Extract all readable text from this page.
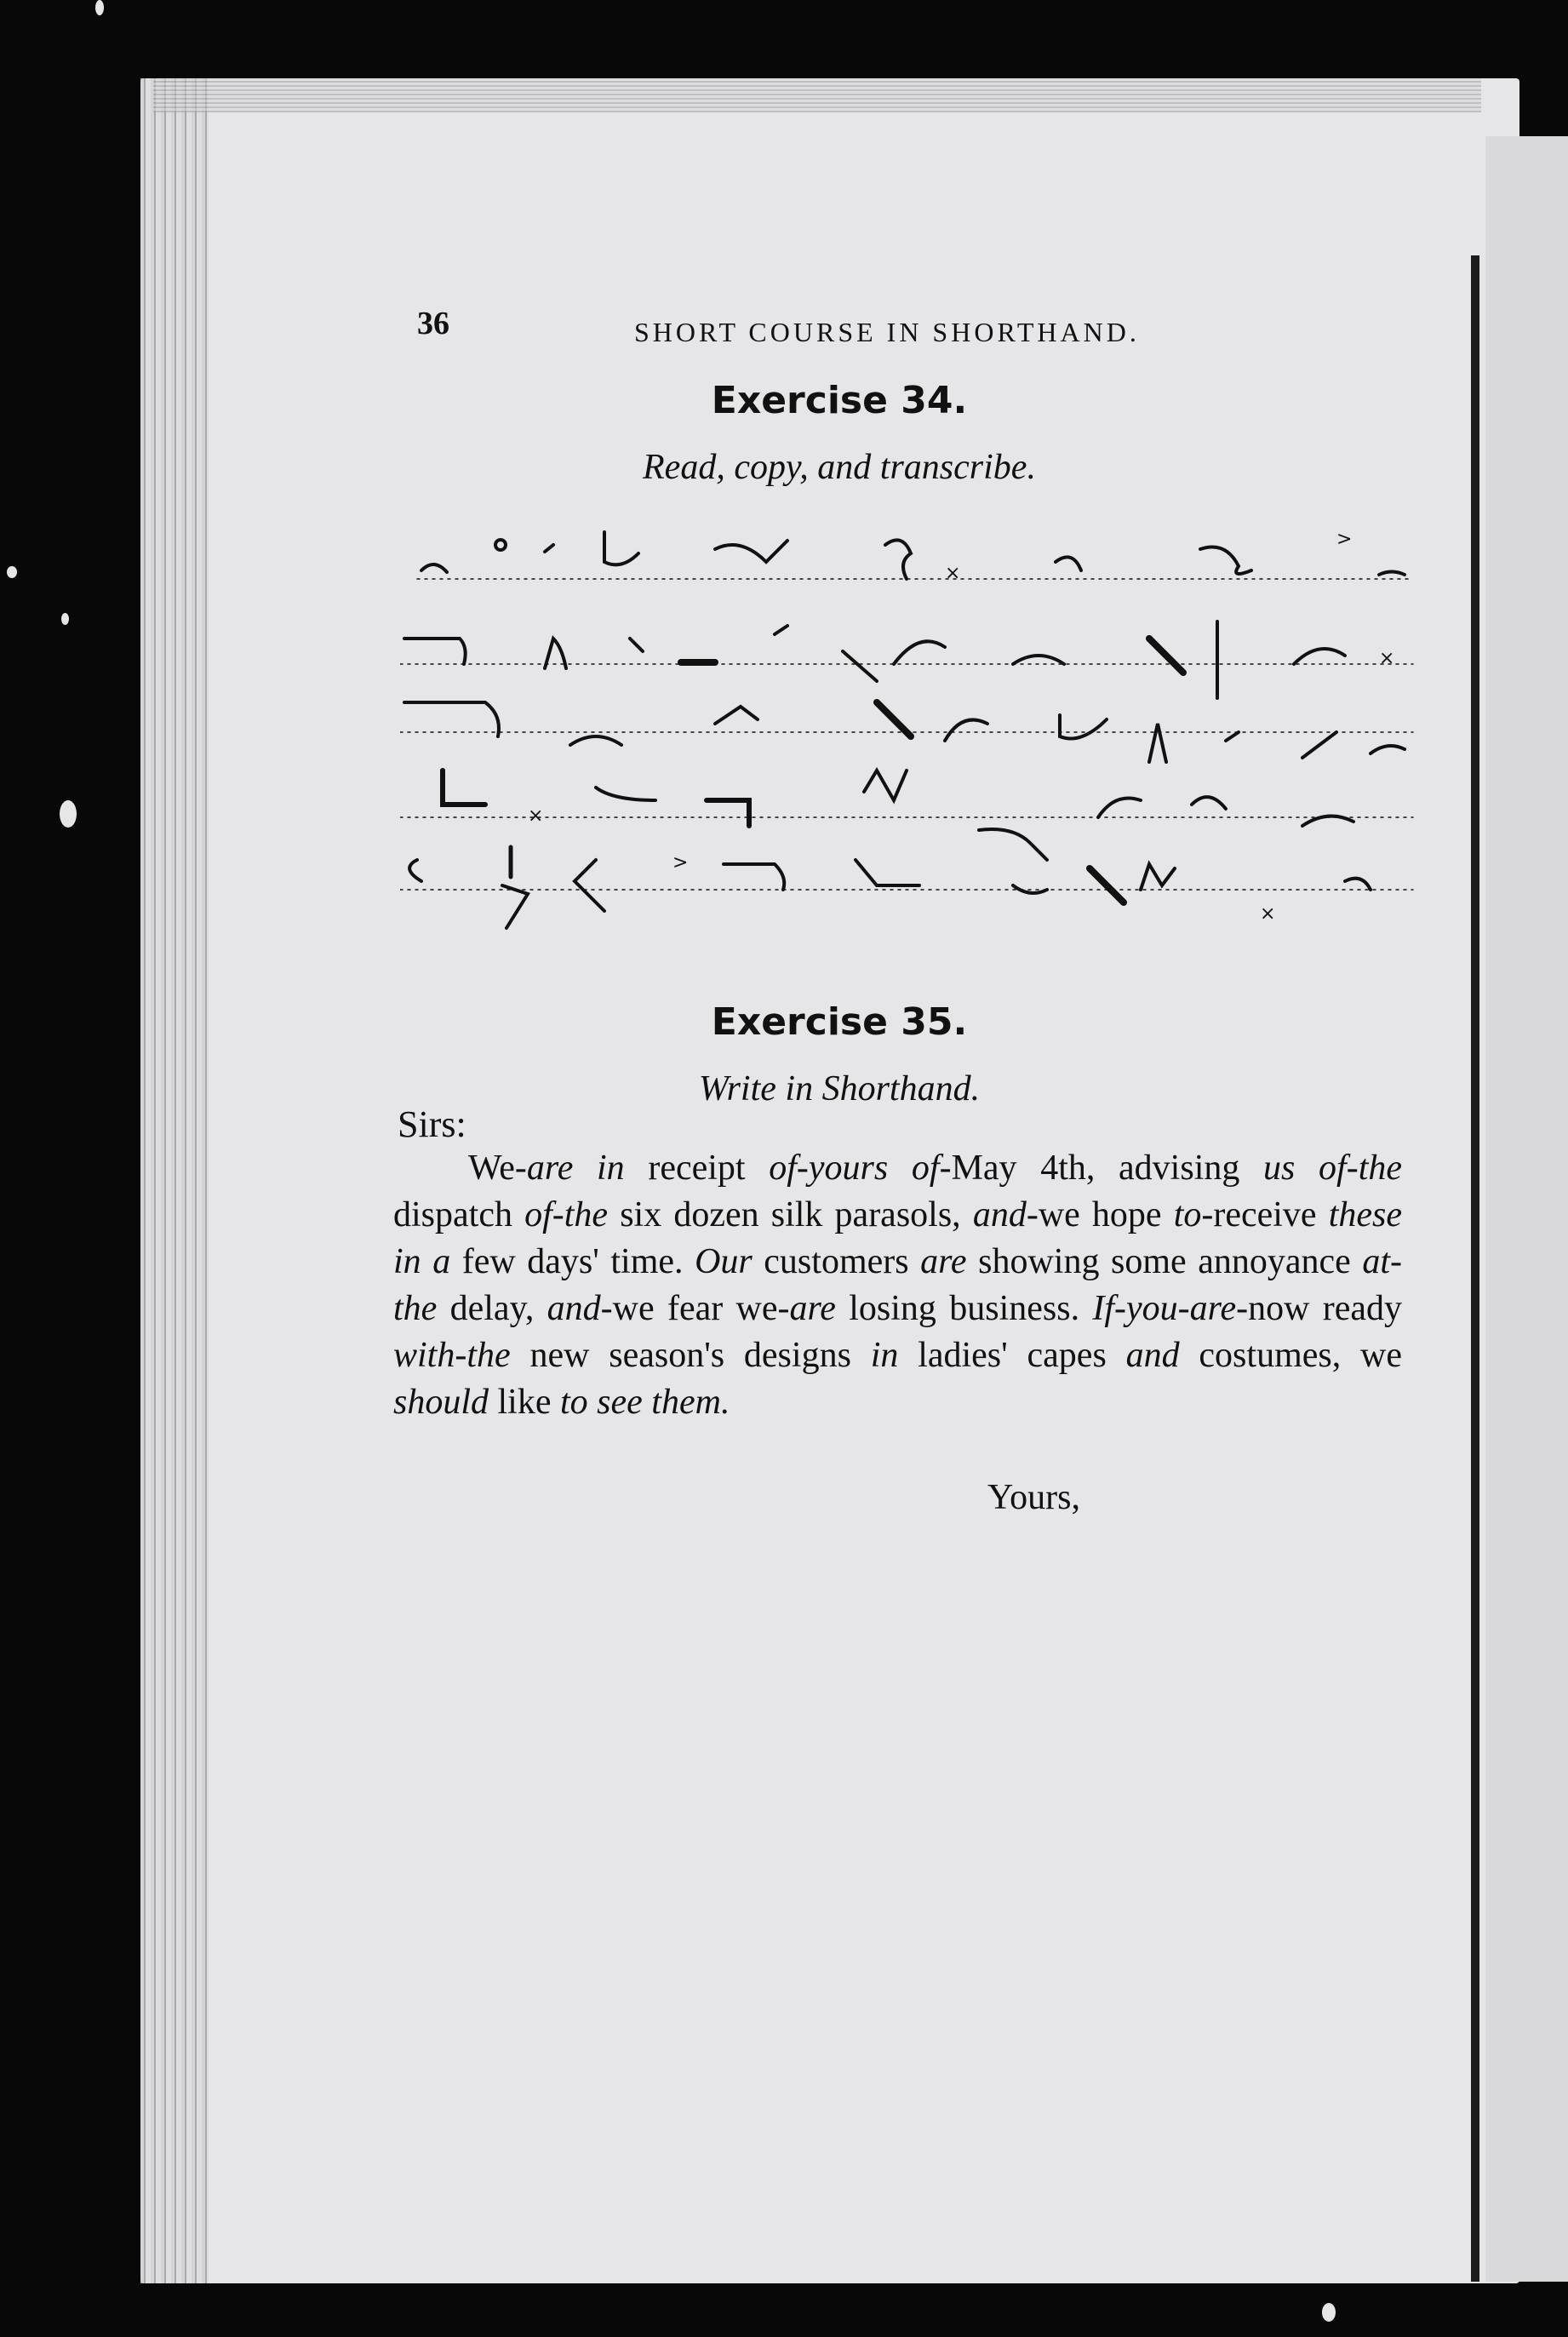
36	SHORT COURSE IN SHORTHAND.
Exercise 34.
Read, copy, and transcribe.
×
×
×
×
>
>
Exercise 35.
Write in Shorthand.
Sirs:
We-are in receipt of-yours of-May 4th, advising us of-the dispatch of-the six dozen silk parasols, and-we hope to-receive these in a few days' time. Our customers are showing some annoyance at-the delay, and-we fear we-are losing business. If-you-are-now ready with-the new season's designs in ladies' capes and costumes, we should like to see them.
Yours,
